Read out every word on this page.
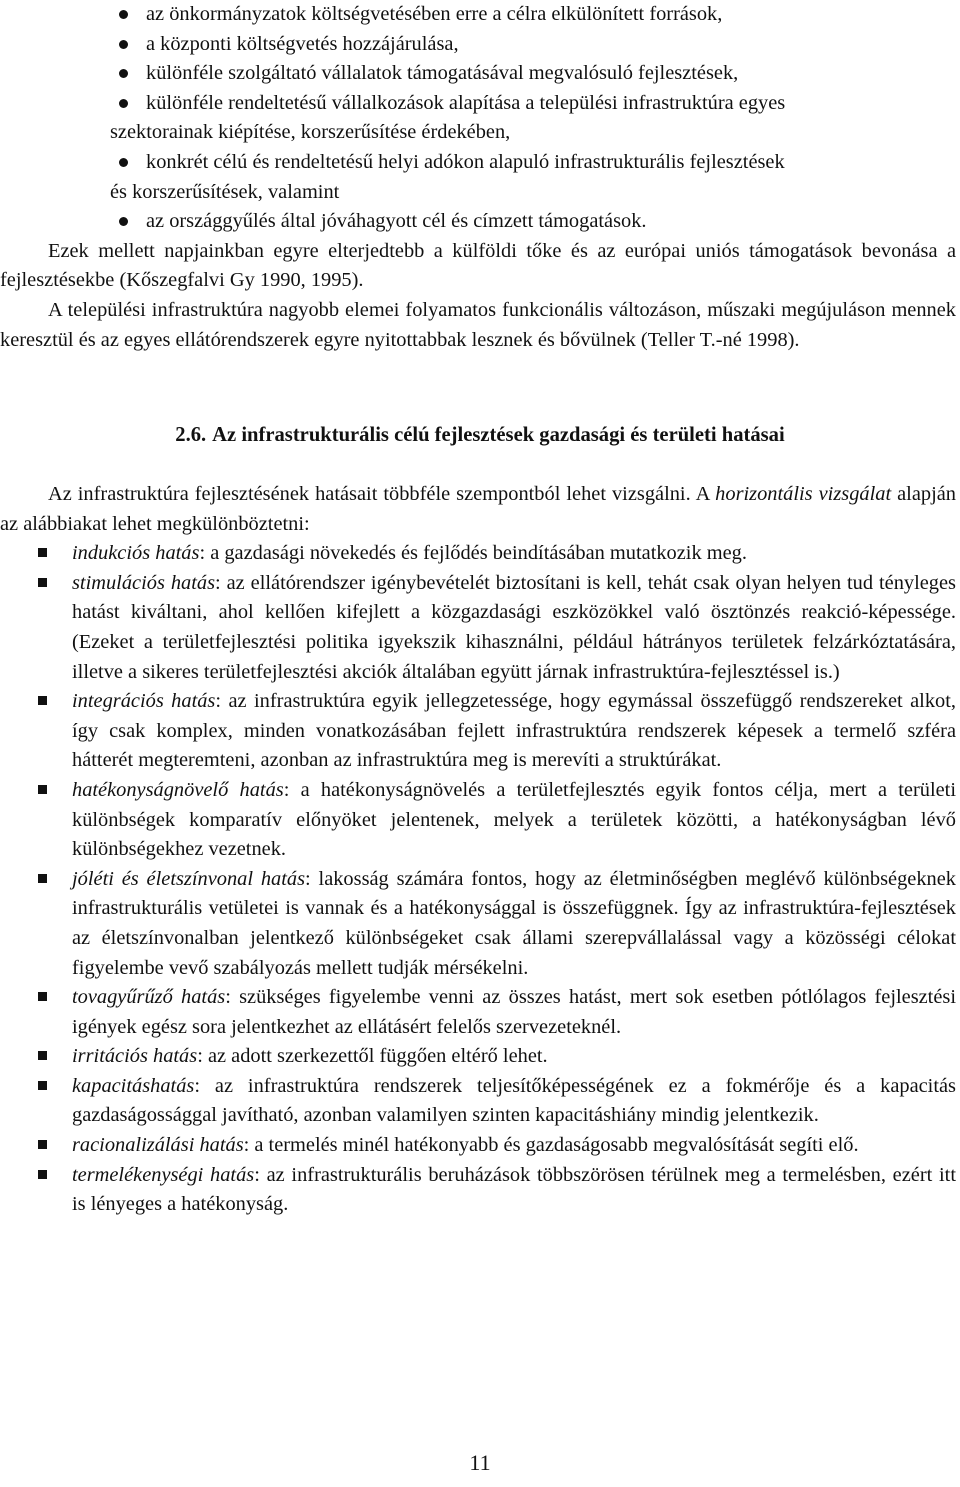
az önkormányzatok költségvetésében erre a célra elkülönített források,
a központi költségvetés hozzájárulása,
különféle szolgáltató vállalatok támogatásával megvalósuló fejlesztések,
különféle rendeltetésű vállalkozások alapítása a települési infrastruktúra egyes
szektorainak kiépítése, korszerűsítése érdekében,
konkrét célú és rendeltetésű helyi adókon alapuló infrastrukturális fejlesztések
és korszerűsítések, valamint
az országgyűlés által jóváhagyott cél és címzett támogatások.

Ezek mellett napjainkban egyre elterjedtebb a külföldi tőke és az európai uniós támogatások bevonása a fejlesztésekbe (Kőszegfalvi Gy 1990, 1995).

A települési infrastruktúra nagyobb elemei folyamatos funkcionális változáson, műszaki megújuláson mennek keresztül és az egyes ellátórendszerek egyre nyitottabbak lesznek és bővülnek (Teller T.-né 1998).

2.6. Az infrastrukturális célú fejlesztések gazdasági és területi hatásai

Az infrastruktúra fejlesztésének hatásait többféle szempontból lehet vizsgálni. A horizontális vizsgálat alapján az alábbiakat lehet megkülönböztetni:

indukciós hatás: a gazdasági növekedés és fejlődés beindításában mutatkozik meg.
stimulációs hatás: az ellátórendszer igénybevételét biztosítani is kell, tehát csak olyan helyen tud tényleges hatást kiváltani, ahol kellően kifejlett a közgazdasági eszközökkel való ösztönzés reakció-képessége. (Ezeket a területfejlesztési politika igyekszik kihasználni, például hátrányos területek felzárkóztatására, illetve a sikeres területfejlesztési akciók általában együtt járnak infrastruktúra-fejlesztéssel is.)
integrációs hatás: az infrastruktúra egyik jellegzetessége, hogy egymással összefüggő rendszereket alkot, így csak komplex, minden vonatkozásában fejlett infrastruktúra rendszerek képesek a termelő szféra hátterét megteremteni, azonban az infrastruktúra meg is merevíti a struktúrákat.
hatékonyságnövelő hatás: a hatékonyságnövelés a területfejlesztés egyik fontos célja, mert a területi különbségek komparatív előnyöket jelentenek, melyek a területek közötti, a hatékonyságban lévő különbségekhez vezetnek.
jóléti és életszínvonal hatás: lakosság számára fontos, hogy az életminőségben meglévő különbségeknek infrastrukturális vetületei is vannak és a hatékonysággal is összefüggnek. Így az infrastruktúra-fejlesztések az életszínvonalban jelentkező különbségeket csak állami szerepvállalással vagy a közösségi célokat figyelembe vevő szabályozás mellett tudják mérsékelni.
tovagyűrűző hatás: szükséges figyelembe venni az összes hatást, mert sok esetben pótlólagos fejlesztési igények egész sora jelentkezhet az ellátásért felelős szervezeteknél.
irritációs hatás: az adott szerkezettől függően eltérő lehet.
kapacitáshatás: az infrastruktúra rendszerek teljesítőképességének ez a fokmérője és a kapacitás gazdaságossággal javítható, azonban valamilyen szinten kapacitáshiány mindig jelentkezik.
racionalizálási hatás: a termelés minél hatékonyabb és gazdaságosabb megvalósítását segíti elő.
termelékenységi hatás: az infrastrukturális beruházások többszörösen térülnek meg a termelésben, ezért itt is lényeges a hatékonyság.
11
